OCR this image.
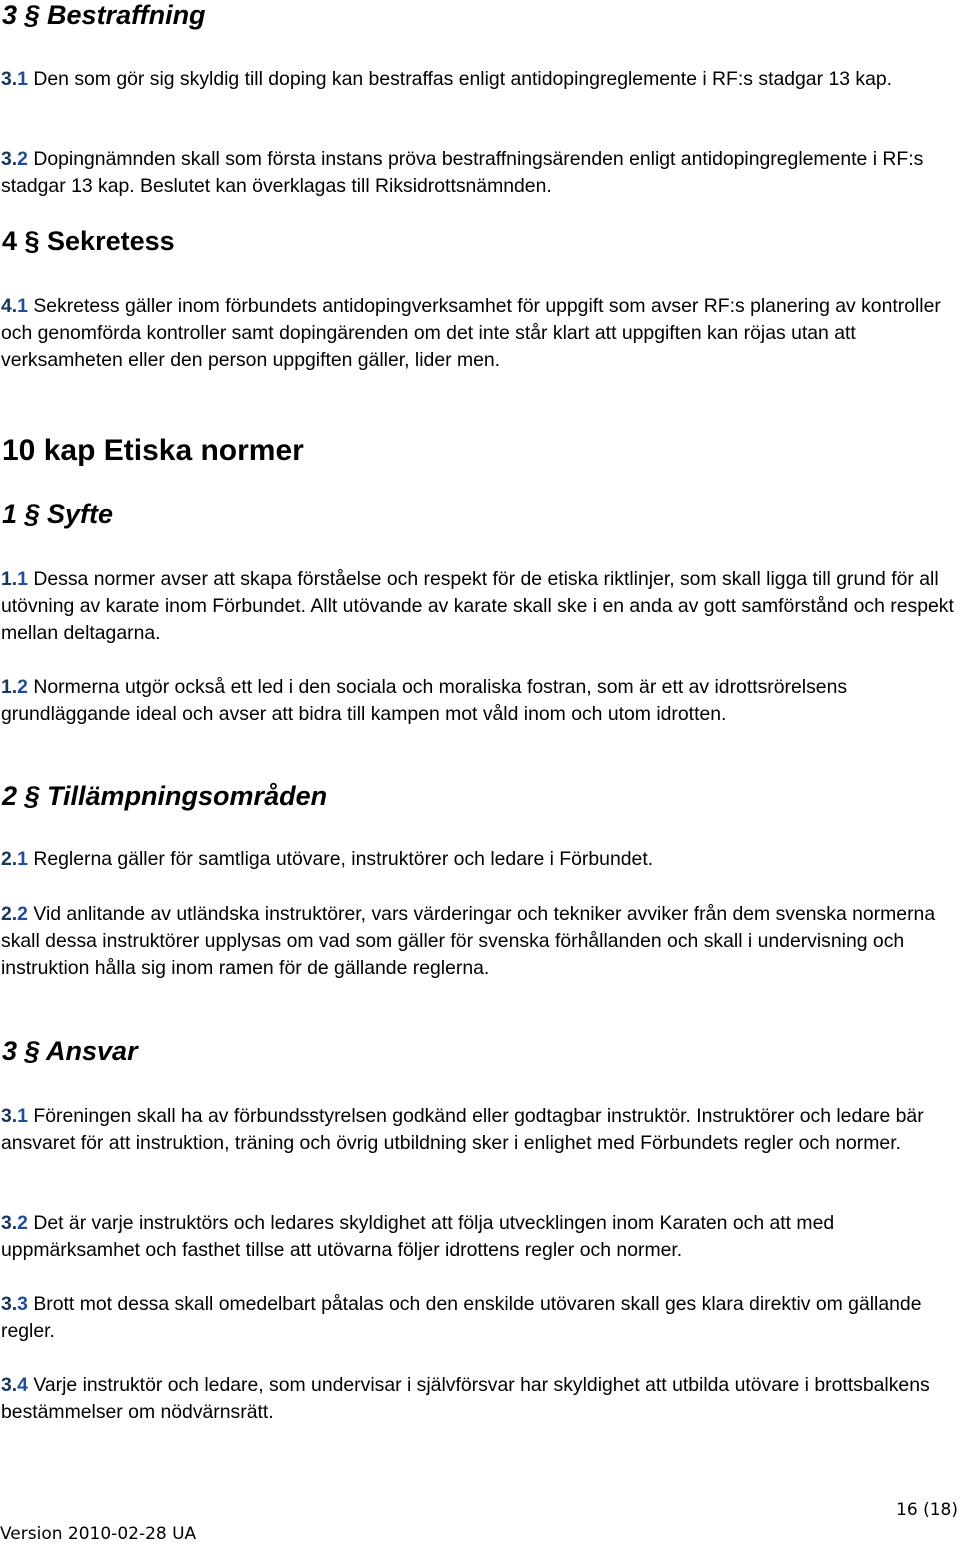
3 § Bestraffning

3.1 Den som gör sig skyldig till doping kan bestraffas enligt antidopingreglemente i RF:s stadgar 13 kap.

3.2 Dopingnämnden skall som första instans pröva bestraffningsärenden enligt antidopingreglemente i RF:s stadgar 13 kap. Beslutet kan överklagas till Riksidrottsnämnden.

4 § Sekretess

4.1 Sekretess gäller inom förbundets antidopingverksamhet för uppgift som avser RF:s planering av kontroller och genomförda kontroller samt dopingärenden om det inte står klart att uppgiften kan röjas utan att verksamheten eller den person uppgiften gäller, lider men.

10 kap Etiska normer
1 § Syfte

1.1 Dessa normer avser att skapa förståelse och respekt för de etiska riktlinjer, som skall ligga till grund för all utövning av karate inom Förbundet. Allt utövande av karate skall ske i en anda av gott samförstånd och respekt mellan deltagarna.

1.2 Normerna utgör också ett led i den sociala och moraliska fostran, som är ett av idrottsrörelsens grundläggande ideal och avser att bidra till kampen mot våld inom och utom idrotten.

2 § Tillämpningsområden

2.1 Reglerna gäller för samtliga utövare, instruktörer och ledare i Förbundet.

2.2 Vid anlitande av utländska instruktörer, vars värderingar och tekniker avviker från dem svenska normerna skall dessa instruktörer upplysas om vad som gäller för svenska förhållanden och skall i undervisning och instruktion hålla sig inom ramen för de gällande reglerna.

3 § Ansvar

3.1 Föreningen skall ha av förbundsstyrelsen godkänd eller godtagbar instruktör. Instruktörer och ledare bär ansvaret för att instruktion, träning och övrig utbildning sker i enlighet med Förbundets regler och normer.

3.2 Det är varje instruktörs och ledares skyldighet att följa utvecklingen inom Karaten och att med uppmärksamhet och fasthet tillse att utövarna följer idrottens regler och normer.

3.3 Brott mot dessa skall omedelbart påtalas och den enskilde utövaren skall ges klara direktiv om gällande regler.

3.4 Varje instruktör och ledare, som undervisar i självförsvar har skyldighet att utbilda utövare i brottsbalkens bestämmelser om nödvärnsrätt.

16 (18)
Version 2010-02-28 UA
